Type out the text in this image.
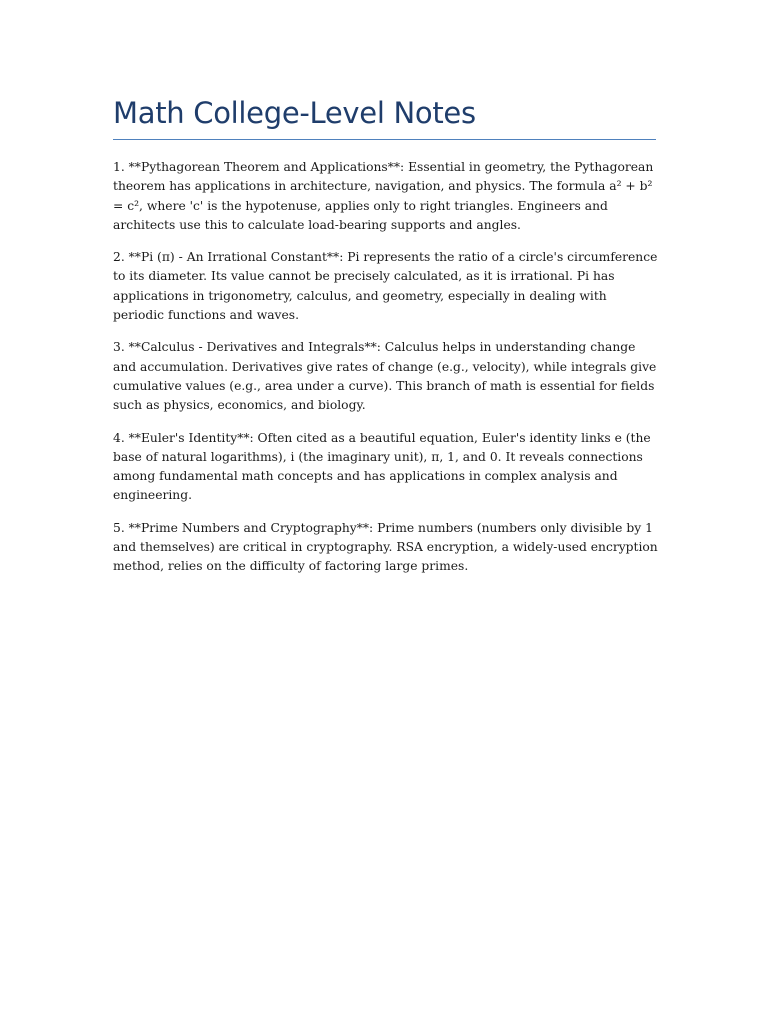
Math College-Level Notes

1. **Pythagorean Theorem and Applications**: Essential in geometry, the Pythagorean theorem has applications in architecture, navigation, and physics. The formula a² + b² = c², where 'c' is the hypotenuse, applies only to right triangles. Engineers and architects use this to calculate load-bearing supports and angles.

2. **Pi (π) - An Irrational Constant**: Pi represents the ratio of a circle's circumference to its diameter. Its value cannot be precisely calculated, as it is irrational. Pi has applications in trigonometry, calculus, and geometry, especially in dealing with periodic functions and waves.

3. **Calculus - Derivatives and Integrals**: Calculus helps in understanding change and accumulation. Derivatives give rates of change (e.g., velocity), while integrals give cumulative values (e.g., area under a curve). This branch of math is essential for fields such as physics, economics, and biology.

4. **Euler's Identity**: Often cited as a beautiful equation, Euler's identity links e (the base of natural logarithms), i (the imaginary unit), π, 1, and 0. It reveals connections among fundamental math concepts and has applications in complex analysis and engineering.

5. **Prime Numbers and Cryptography**: Prime numbers (numbers only divisible by 1 and themselves) are critical in cryptography. RSA encryption, a widely-used encryption method, relies on the difficulty of factoring large primes.
